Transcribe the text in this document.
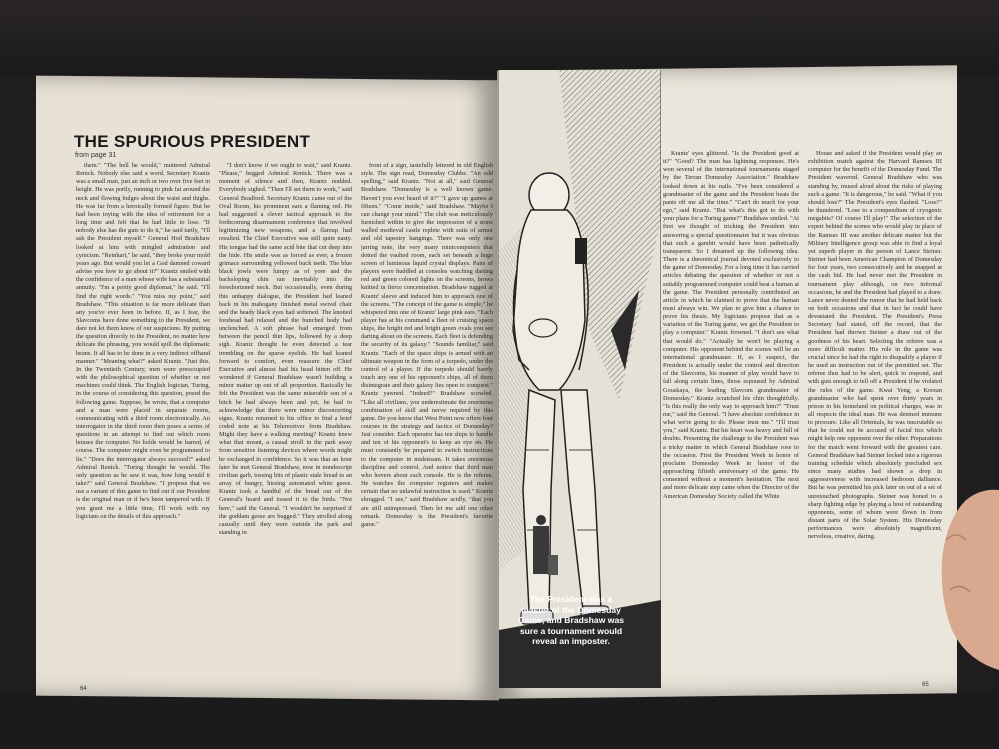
THE SPURIOUS PRESIDENT
from page 31

them." "The hell he would," muttered Admiral Renick. Nobody else said a word. Secretary Krantz was a small man, just an inch or two over five feet in height. He was portly, running to pink fat around the neck and flowing bulges about the waist and thighs. He was far from a heroically formed figure. But he had been toying with the idea of retirement for a long time and felt that he had little to lose. "If nobody else has the guts to do it," he said tartly, "I'll ask the President myself." General Hod Bradshaw looked at him with mingled admiration and cynicism. "Reinhart," he said, "they broke your mold years ago. But would you let a God damned coward advise you how to go about it?" Krantz smiled with the confidence of a man whose wife has a substantial annuity. "I'm a pretty good diplomat," he said. "I'll find the right words." "You miss my point," said Bradshaw. "This situation is far more delicate than any you've ever been in before. If, as I fear, the Slavcoms have done something to the President, we dare not let them know of our suspicions. By putting the question directly to the President, no matter how delicate the phrasing, you would spill the diplomatic beans. It all has to be done in a very indirect offhand manner." "Meaning what?" asked Krantz. "Just this. In the Twentieth Century, men were preoccupied with the philosophical question of whether or not machines could think. The English logician, Turing, in the course of considering this question, posed the following game. Suppose, he wrote, that a computer and a man were placed in separate rooms, communicating with a third room electronically. An interrogator in the third room then poses a series of questions in an attempt to find out which room houses the computer. No holds would be barred, of course. The computer might even be programmed to lie." "Does the interrogator always succeed?" asked Admiral Renick. "Turing thought he would. The only question as he saw it was, how long would it take?" said General Bradshaw. "I propose that we use a variant of this game to find out if our President is the original man or if he's been tampered with. If you grant me a little time, I'll work with my logicians on the details of this approach."

"I don't know if we ought to wait," said Krantz. "Please," begged Admiral Renick. There was a moment of silence and then, Krantz nodded. Everybody sighed. "Then I'll set them to work," said General Bradford. Secretary Krantz came out of the Oval Room, his prominent ears a flaming red. He had suggested a clever tactical approach to the forthcoming disarmament conference that involved legitimizing new weapons, and a flareup had resulted. The Chief Executive was still quite nasty. His tongue had the same acid bite that cut deep into the hide. His smile was as forced as ever, a frozen grimace surrounding yellowed buck teeth. The blue black jowls were lumpy as of yore and the backsloping chin ran inevitably into the foreshortened neck. But occasionally, even during this unhappy dialogue, the President had leaned back in his mahogany finished metal swivel chair and the beady black eyes had softened. The knotted forehead had relaxed and the bunched body had unclenched. A soft phrase had emerged from between the pencil thin lips, followed by a deep sigh. Krantz thought he even detected a tear trembling on the sparse eyelids. He had leaned forward to comfort, even reassure the Chief Executive and almost had his head bitten off. He wondered if General Bradshaw wasn't building a minor matter up out of all proportion. Basically he felt the President was the same miserable son of a bitch he had always been and yet, he had to acknowledge that there were minor disconcerting signs. Krantz returned to his office to find a brief coded note at his Telereceiver from Bradshaw. Might they have a walking meeting? Krantz knew what that meant, a casual stroll in the park away from sensitive listening devices where words might be exchanged in confidence. So it was that an hour later he met General Bradshaw, now in nondescript civilian garb, tossing bits of plastic stale bread to an array of hungry, hissing automated white geese. Krantz took a handful of the bread out of the General's hoard and tossed it to the birds. "Not here," said the General. "I wouldn't be surprised if the goddam geese are bugged." They strolled along casually until they were outside the park and standing in

front of a sign, tastefully lettered in old English style. The sign read, Domesday Clubbe. "An odd spelling," said Krantz. "Not at all," said General Bradshaw. "Domesday is a well known game. Haven't you ever heard of it?" "I gave up games at fifteen." "Come inside," said Bradshaw. "Maybe I can change your mind." The club was meticulously furnished within to give the impression of a stone walled medieval castle replete with suits of armor and old tapestry hangings. There was only one jarring note, the very many minicomputers that dotted the vaulted room, each set beneath a huge screen of luminous liquid crystal displays. Pairs of players were huddled at consoles watching darting red and green colored lights on the screens, brows knitted in fierce concentration. Bradshaw tugged at Krantz' sleeve and induced him to approach one of the screens. "The concept of the game is simple," he whispered into one of Krantz' large pink ears. "Each player has at his command a fleet of cruising space ships, the bright red and bright green ovals you see darting about on the screens. Each fleet is defending the security of its galaxy." "Sounds familiar," said Krantz. "Each of the space ships is armed with an ultimate weapon in the form of a torpedo, under the control of a player. If the torpedo should barely touch any one of his opponent's ships, all of them disintegrate and their galaxy lies open to conquest." Krantz yawned. "Indeed?" Bradshaw scowled. "Like all civilians, you underestimate the enormous combination of skill and nerve required by this game. Do you know that West Point now offers four courses in the strategy and tactics of Domesday? Just consider. Each operator has ten ships to handle and ten of his opponent's to keep an eye on. He must constantly be prepared to switch instructions to the computer in midstream. It takes enormous discipline and control. And notice that third man who hovers about each console. He is the referee. He watches the computer registers and makes certain that no unlawful instruction is used." Krantz shrugged. "I see," said Bradshaw acidly, "that you are still unimpressed. Then let me add one other remark. Domesday is the President's favorite game."

Krantz' eyes glittered. "Is the President good at it?" "Good? The man has lightning responses. He's won several of the international tournaments staged by the Terran Domesday Association." Bradshaw looked down at his nails. "I've been considered a grandmaster of the game and the President beats the pants off me all the time." "Can't do much for your ego," said Krantz. "But what's this got to do with your plans for a Turing game?" Bradshaw smiled. "At first we thought of tricking the President into answering a special questionnaire but it was obvious that such a gambit would have been pathetically transparent. So I dreamed up the following idea. There is a theoretical journal devoted exclusively to the game of Domesday. For a long time it has carried articles debating the question of whether or not a suitably programmed computer could beat a human at the game. The President personally contributed an article in which he claimed to prove that the human must always win. We plan to give him a chance to prove his thesis. My logicians propose that as a variation of the Turing game, we get the President to play a computer." Krantz frowned. "I don't see what that would do." "Actually he won't be playing a computer. His opponent behind the scenes will be an international grandmaster. If, as I suspect, the President is actually under the control and direction of the Slavcoms, his manner of play would have to fall along certain lines, those espoused by Admiral Gouskaya, the leading Slavcom grandmaster of Domesday." Krantz scratched his chin thoughtfully. "Is this really the only way to approach him?" "Trust me," said the General. "I have absolute confidence in what we're going to do. Please trust me." "I'll trust you," said Krantz. But his heart was heavy and full of doubts. Presenting the challenge to the President was a tricky matter in which General Bradshaw rose to the occasion. First the President Week in honor of proclaim Domesday Week in honor of the approaching fiftieth anniversary of the game. He consented without a moment's hesitation. The next and more delicate step came when the Director of the American Domesday Society called the White

House and asked if the President would play an exhibition match against the Harvard Ramses III computer for the benefit of the Domesday Fund. The President wavered. General Bradshaw who was standing by, mused aloud about the risks of playing such a game. "It is dangerous," he said. "What if you should lose?" The President's eyes flashed. "Lose?" he thundered. "Lose to a compendium of cryogenic megabits? Of course I'll play!" The selection of the expert behind the scenes who would play in place of the Ramses III was another delicate matter but the Military Intelligence group was able to find a loyal yet superb player in the person of Lance Steiner. Steiner had been American Champion of Domesday for four years, two consecutively and he snapped at the cash bid. He had never met the President in tournament play although, on two informal occasions, he and the President had played to a draw. Lance never denied the rumor that he had held back on both occasions and that in fact he could have devastated the President. The President's Press Secretary had stated, off the record, that the President had thrown Steiner a draw out of the goodness of his heart. Selecting the referee was a more difficult matter. His role in the game was crucial since he had the right to disqualify a player if he used an instruction out of the permitted set. The referee thus had to be alert, quick to respond, and with guts enough to tell off a President if he violated the rules of the game. Kwai Yeng, a Korean grandmaster who had spent over thirty years in prison in his homeland on political charges, was in all respects the ideal man. He was deemed immune to pressure. Like all Orientals, he was inscrutable so that he could not be accused of facial tics which might help one opponent over the other. Preparations for the match went forward with the greatest care. General Bradshaw had Steiner locked into a rigorous training schedule which absolutely precluded sex since many studies had shown a drop in aggressiveness with increased bedroom dalliance. But he was permitted his pick later on out of a set of unretouched photographs. Steiner was honed to a sharp fighting edge by playing a host of outstanding opponents, some of whom were flown in from distant parts of the Solar System. His Domesday performances were absolutely magnificent, nerveless, creative, daring.

The President was a master of the Domesday Game, and Bradshaw was sure a tournament would reveal an imposter.
64
65
